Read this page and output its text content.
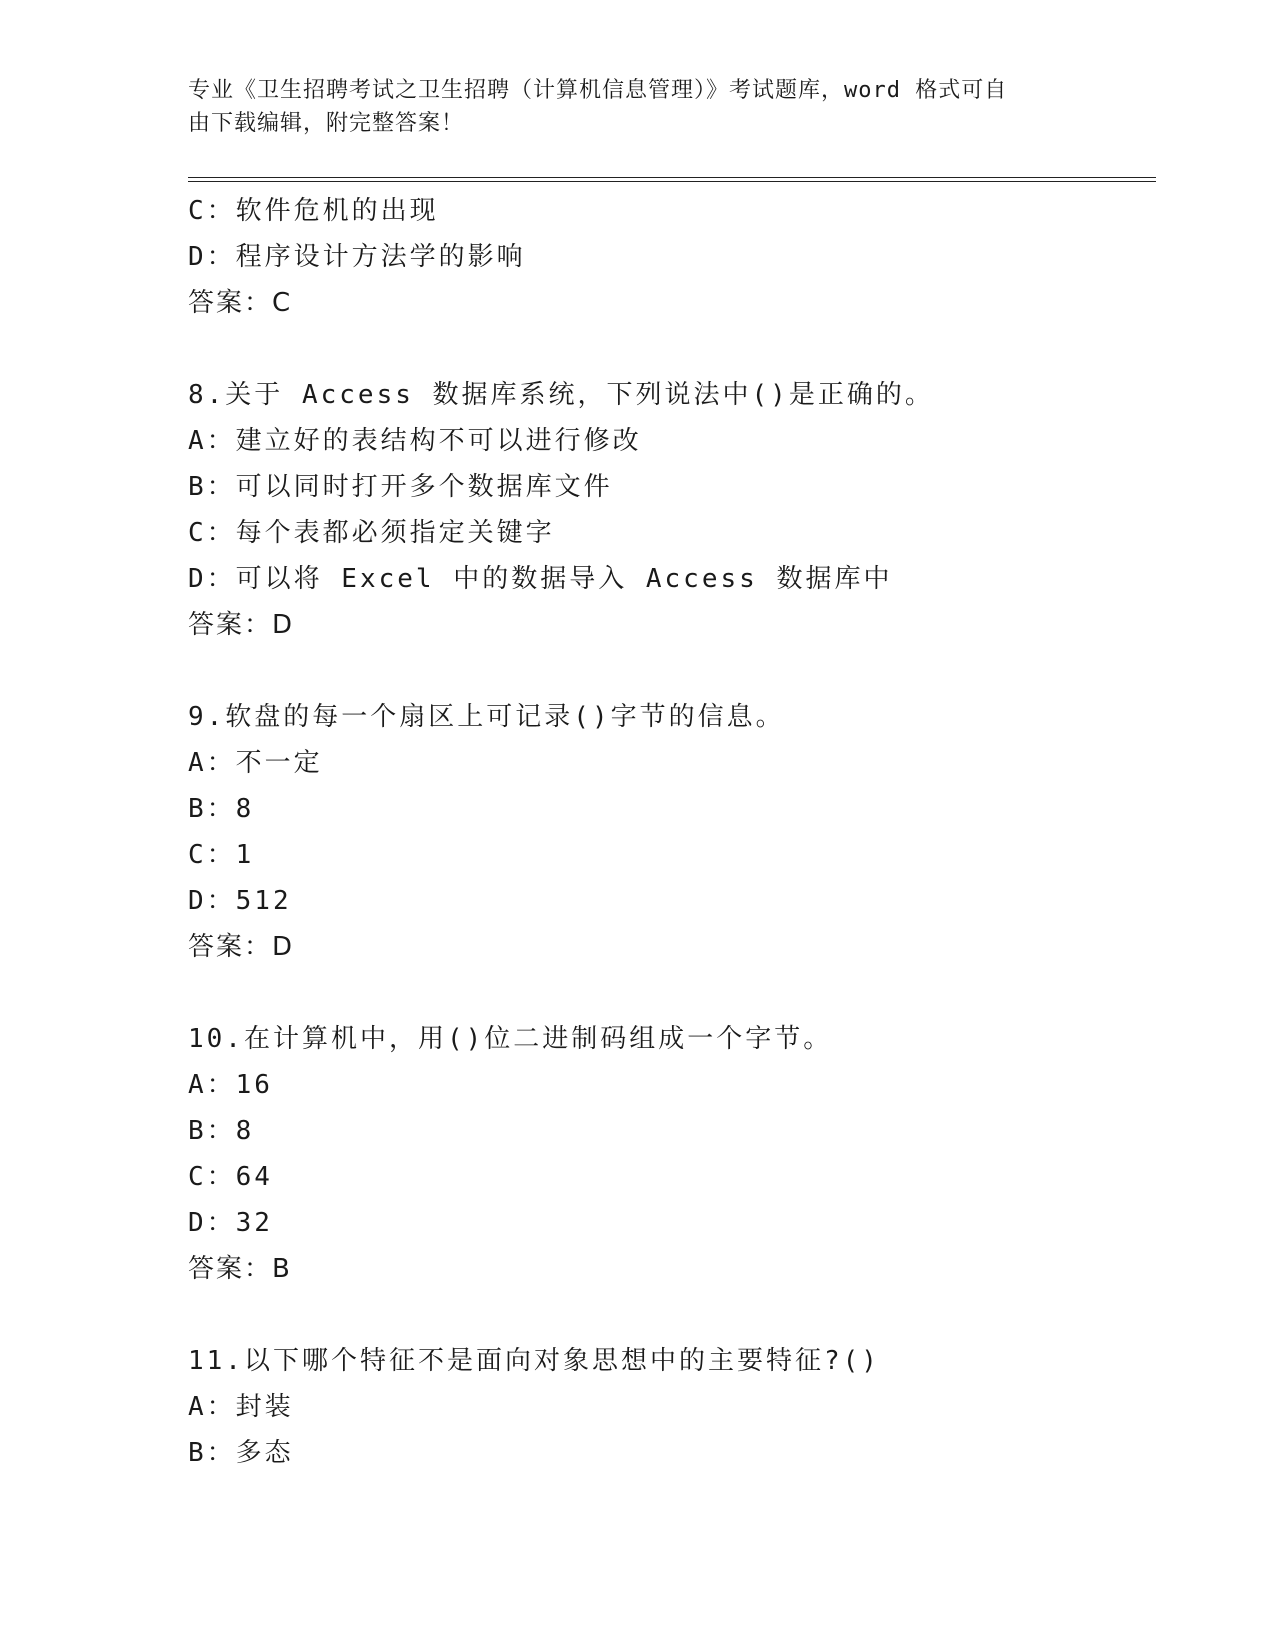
专业《卫生招聘考试之卫生招聘（计算机信息管理）》考试题库，word 格式可自
由下载编辑，附完整答案！
C：软件危机的出现
D：程序设计方法学的影响
答案：C
8.关于 Access 数据库系统，下列说法中()是正确的。
A：建立好的表结构不可以进行修改
B：可以同时打开多个数据库文件
C：每个表都必须指定关键字
D：可以将 Excel 中的数据导入 Access 数据库中
答案：D
9.软盘的每一个扇区上可记录()字节的信息。
A：不一定
B：8
C：1
D：512
答案：D
10.在计算机中，用()位二进制码组成一个字节。
A：16
B：8
C：64
D：32
答案：B
11.以下哪个特征不是面向对象思想中的主要特征?()
A：封装
B：多态
